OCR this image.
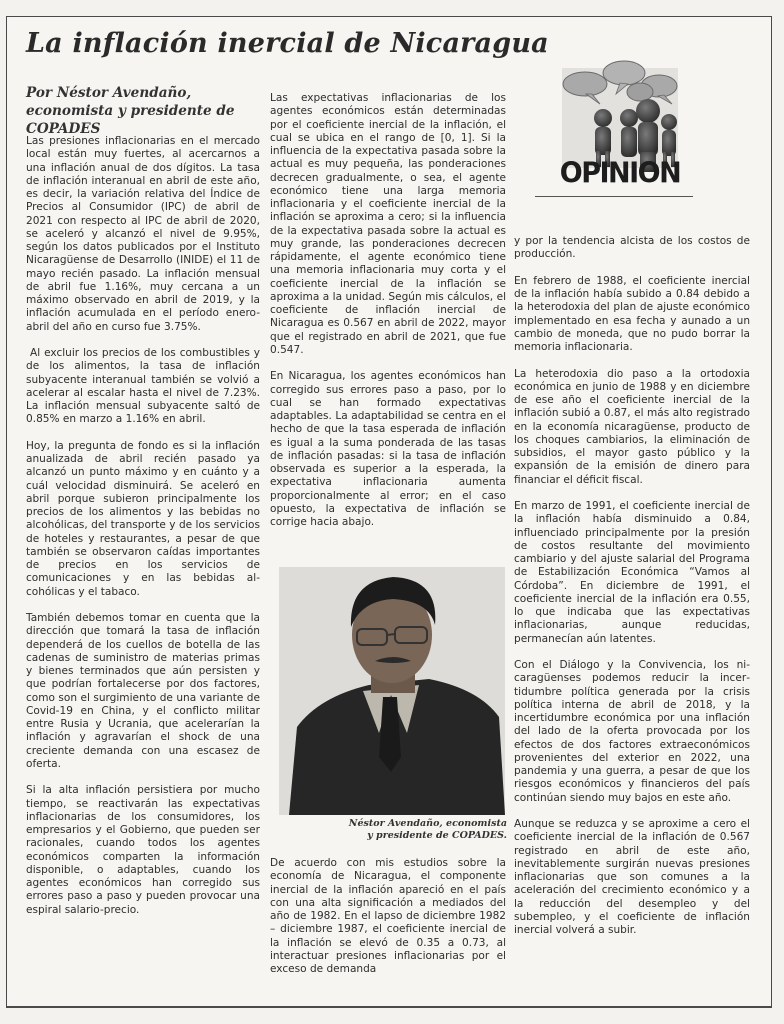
La inflación inercial de Nicaragua

Por Néstor Avendaño, economista y presidente de COPADES

OPINION

Las presiones inflacionarias en el mercado local están muy fuertes, al acercarnos a una inflación anual de dos dígitos. La tasa de inflación interanual en abril de este año, es decir, la variación relativa del Índice de Precios al Consumidor (IPC) de abril de 2021 con respecto al IPC de abril de 2020, se aceleró y alcanzó el nivel de 9.95%, según los datos publicados por el Instituto Nicaragüense de Desarrollo (INIDE) el 11 de mayo recién pasado. La inflación mensual de abril fue 1.16%, muy cercana a un máximo observado en abril de 2019, y la inflación acumulada en el período enero-abril del año en curso fue 3.75%.

Al excluir los precios de los combustibles y de los alimentos, la tasa de inflación subyacente interanual también se volvió a acelerar al escalar hasta el nivel de 7.23%. La inflación mensual subyacente saltó de 0.85% en marzo a 1.16% en abril.

Hoy, la pregunta de fondo es si la inflación anualizada de abril recién pasado ya alcanzó un punto máximo y en cuánto y a cuál velocidad disminuirá. Se aceleró en abril porque subieron principalmente los precios de los alimentos y las bebidas no alcohólicas, del transporte y de los servicios de hoteles y restaurantes, a pesar de que también se observaron caídas importantes de precios en los servicios de comunicaciones y en las bebidas alcohólicas y el tabaco.

También debemos tomar en cuenta que la dirección que tomará la tasa de inflación dependerá de los cuellos de botella de las cadenas de suministro de materias primas y bienes terminados que aún persisten y que podrían fortalecerse por dos factores, como son el surgimiento de una variante de Covid-19 en China, y el conflicto militar entre Rusia y Ucrania, que acelerarían la inflación y agravarían el shock de una creciente demanda con una escasez de oferta.

Si la alta inflación persistiera por mucho tiempo, se reactivarán las expectativas inflacionarias de los consumidores, los empresarios y el Gobierno, que pueden ser racionales, cuando todos los agentes económicos comparten la información disponible, o adaptables, cuando los agentes económicos han corregido sus errores paso a paso y pueden provocar una espiral salario-precio.

Las expectativas inflacionarias de los agentes económicos están determinadas por el coeficiente inercial de la inflación, el cual se ubica en el rango de [0, 1]. Si la influencia de la expectativa pasada sobre la actual es muy pequeña, las ponderaciones decrecen gradualmente, o sea, el agente económico tiene una larga memoria inflacionaria y el coeficiente inercial de la inflación se aproxima a cero; si la influencia de la expectativa pasada sobre la actual es muy grande, las ponderaciones decrecen rápidamente, el agente económico tiene una memoria inflacionaria muy corta y el coeficiente inercial de la inflación se aproxima a la unidad. Según mis cálculos, el coeficiente de inflación inercial de Nicaragua es 0.567 en abril de 2022, mayor que el registrado en abril de 2021, que fue 0.547.

En Nicaragua, los agentes económicos han corregido sus errores paso a paso, por lo cual se han formado expectativas adaptables. La adaptabilidad se centra en el hecho de que la tasa esperada de inflación es igual a la suma ponderada de las tasas de inflación pasadas: si la tasa de inflación observada es superior a la esperada, la expectativa inflacionaria aumenta proporcionalmente al error; en el caso opuesto, la expectativa de inflación se corrige hacia abajo.

Néstor Avendaño, economista
y presidente de COPADES.

De acuerdo con mis estudios sobre la economía de Nicaragua, el componente inercial de la inflación apareció en el país con una alta significación a mediados del año de 1982. En el lapso de diciembre 1982 – diciembre 1987, el coeficiente inercial de la inflación se elevó de 0.35 a 0.73, al interactuar presiones inflacionarias por el exceso de demanda

y por la tendencia alcista de los costos de producción.

En febrero de 1988, el coeficiente inercial de la inflación había subido a 0.84 debido a la heterodoxia del plan de ajuste económico implementado en esa fecha y aunado a un cambio de moneda, que no pudo borrar la memoria inflacionaria.

La heterodoxia dio paso a la ortodoxia económica en junio de 1988 y en diciembre de ese año el coeficiente inercial de la inflación subió a 0.87, el más alto registrado en la economía nicaragüense, producto de los choques cambiarios, la eliminación de subsidios, el mayor gasto público y la expansión de la emisión de dinero para financiar el déficit fiscal.

En marzo de 1991, el coeficiente inercial de la inflación había disminuido a 0.84, influenciado principalmente por la presión de costos resultante del movimiento cambiario y del ajuste salarial del Programa de Estabilización Económica “Vamos al Córdoba”. En diciembre de 1991, el coeficiente inercial de la inflación era 0.55, lo que indicaba que las expectativas inflacionarias, aunque reducidas, permanecían aún latentes.

Con el Diálogo y la Convivencia, los nicaragüenses podemos reducir la incertidumbre política generada por la crisis política interna de abril de 2018, y la incertidumbre económica por una inflación del lado de la oferta provocada por los efectos de dos factores extraeconómicos provenientes del exterior en 2022, una pandemia y una guerra, a pesar de que los riesgos económicos y financieros del país continúan siendo muy bajos en este año.

Aunque se reduzca y se aproxime a cero el coeficiente inercial de la inflación de 0.567 registrado en abril de este año, inevitablemente surgirán nuevas presiones inflacionarias que son comunes a la aceleración del crecimiento económico y a la reducción del desempleo y del subempleo, y el coeficiente de inflación inercial volverá a subir.
